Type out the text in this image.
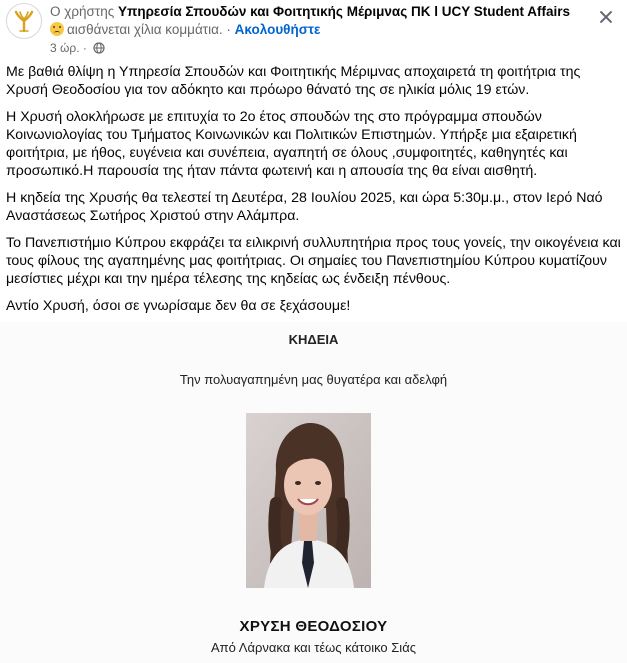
Ο χρήστης Υπηρεσία Σπουδών και Φοιτητικής Μέριμνας ΠΚ l UCY Student Affairs
αισθάνεται χίλια κομμάτια. · Ακολουθήστε
3 ώρ. ·

Με βαθιά θλίψη η Υπηρεσία Σπουδών και Φοιτητικής Μέριμνας αποχαιρετά τη φοιτήτρια της Χρυσή Θεοδοσίου για τον αδόκητο και πρόωρο θάνατό της σε ηλικία μόλις 19 ετών.

Η Χρυσή ολοκλήρωσε με επιτυχία το 2ο έτος σπουδών της στο πρόγραμμα σπουδών Κοινωνιολογίας του Τμήματος Κοινωνικών και Πολιτικών Επιστημών. Υπήρξε μια εξαιρετική φοιτήτρια, με ήθος, ευγένεια και συνέπεια, αγαπητή σε όλους ,συμφοιτητές, καθηγητές και προσωπικό.Η παρουσία της ήταν πάντα φωτεινή και η απουσία της θα είναι αισθητή.

Η κηδεία της Χρυσής θα τελεστεί τη Δευτέρα, 28 Ιουλίου 2025, και ώρα 5:30μ.μ., στον Ιερό Ναό Αναστάσεως Σωτήρος Χριστού στην Αλάμπρα.

Το Πανεπιστήμιο Κύπρου εκφράζει τα ειλικρινή συλλυπητήρια προς τους γονείς, την οικογένεια και τους φίλους της αγαπημένης μας φοιτήτριας. Οι σημαίες του Πανεπιστημίου Κύπρου κυματίζουν μεσίστιες μέχρι και την ημέρα τέλεσης της κηδείας ως ένδειξη πένθους.

Αντίο Χρυσή, όσοι σε γνωρίσαμε δεν θα σε ξεχάσουμε!

ΚΗΔΕΙΑ
Την πολυαγαπημένη μας θυγατέρα και αδελφή
ΧΡΥΣΗ ΘΕΟΔΟΣΙΟΥ
Από Λάρνακα και τέως κάτοικο Σιάς
